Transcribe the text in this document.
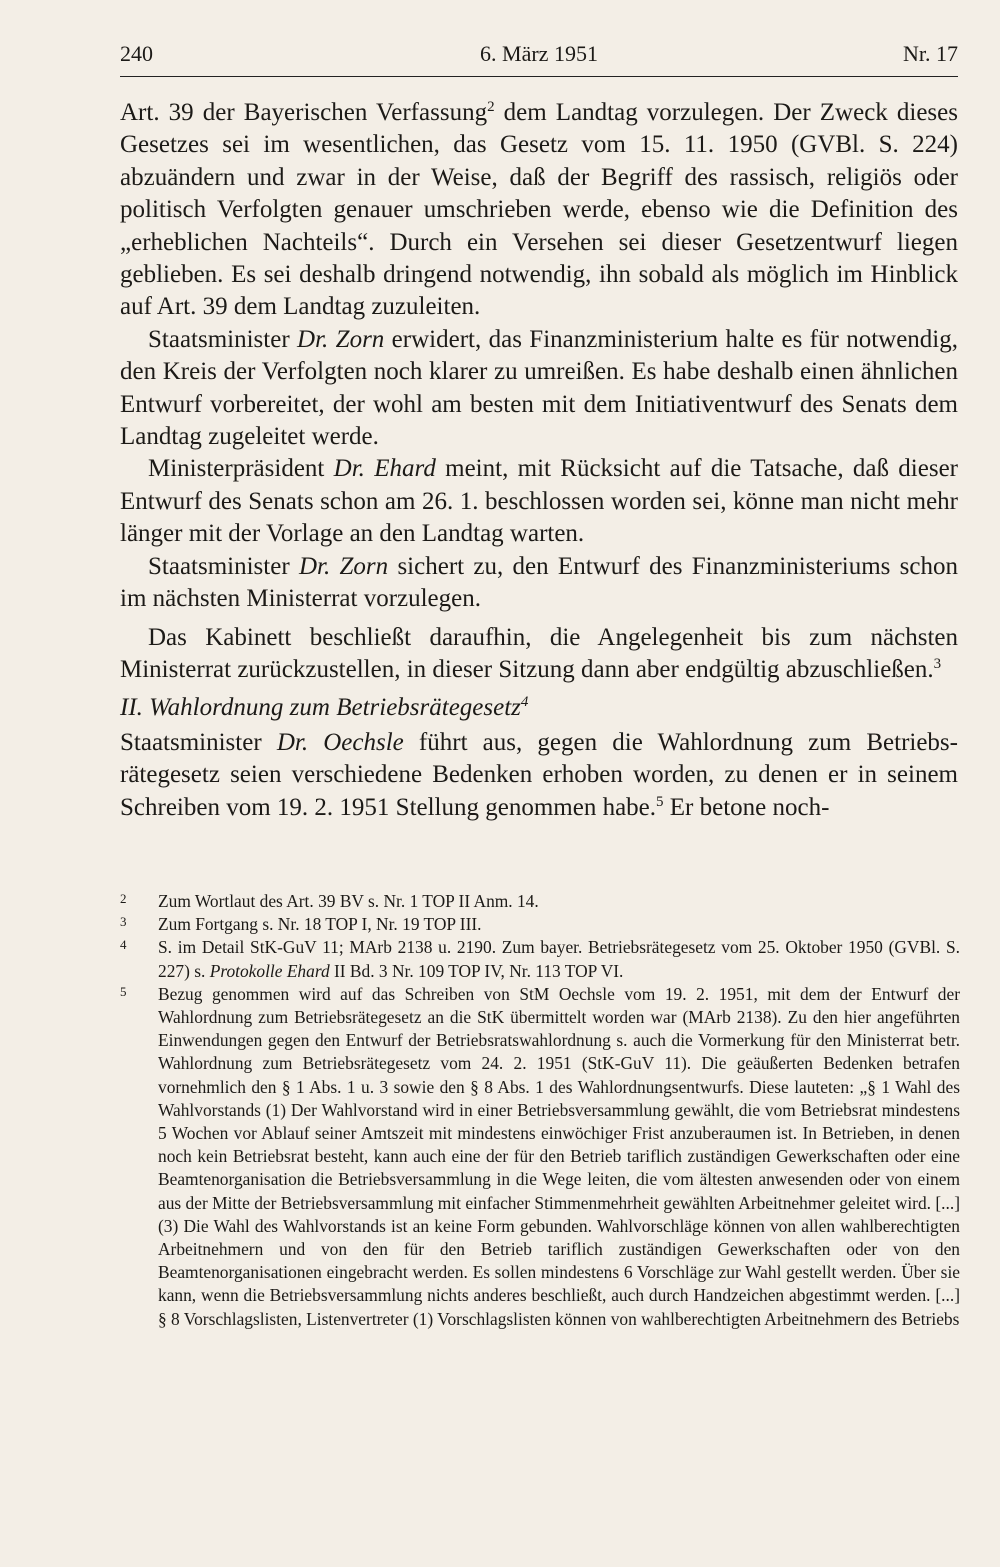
240	6. März 1951	Nr. 17

Art. 39 der Bayerischen Verfassung$^2$ dem Landtag vorzulegen. Der Zweck dieses Gesetzes sei im wesentlichen, das Gesetz vom 15. 11. 1950 (GVBl. S. 224) abzuändern und zwar in der Weise, daß der Begriff des rassisch, religiös oder politisch Verfolgten genauer umschrieben werde, ebenso wie die Definition des „erheblichen Nachteils“. Durch ein Versehen sei dieser Gesetzentwurf liegen geblieben. Es sei deshalb dringend notwendig, ihn sobald als möglich im Hinblick auf Art. 39 dem Landtag zuzuleiten.

Staatsminister Dr. Zorn erwidert, das Finanzministerium halte es für notwendig, den Kreis der Verfolgten noch klarer zu umreißen. Es habe deshalb einen ähnlichen Entwurf vorbereitet, der wohl am besten mit dem Initiativentwurf des Senats dem Landtag zugeleitet werde.

Ministerpräsident Dr. Ehard meint, mit Rücksicht auf die Tatsache, daß dieser Entwurf des Senats schon am 26. 1. beschlossen worden sei, könne man nicht mehr länger mit der Vorlage an den Landtag warten.

Staatsminister Dr. Zorn sichert zu, den Entwurf des Finanzministeriums schon im nächsten Ministerrat vorzulegen.

Das Kabinett beschließt daraufhin, die Angelegenheit bis zum nächsten Ministerrat zurückzustellen, in dieser Sitzung dann aber endgültig abzuschließen.$^3$

II. Wahlordnung zum Betriebsrätegesetz$^4$

Staatsminister Dr. Oechsle führt aus, gegen die Wahlordnung zum Betriebsrätegesetz seien verschiedene Bedenken erhoben worden, zu denen er in seinem Schreiben vom 19. 2. 1951 Stellung genommen habe.$^5$ Er betone noch-

2 Zum Wortlaut des Art. 39 BV s. Nr. 1 TOP II Anm. 14.
3 Zum Fortgang s. Nr. 18 TOP I, Nr. 19 TOP III.
4 S. im Detail StK-GuV 11; MArb 2138 u. 2190. Zum bayer. Betriebsrätegesetz vom 25. Oktober 1950 (GVBl. S. 227) s. Protokolle Ehard II Bd. 3 Nr. 109 TOP IV, Nr. 113 TOP VI.
5 Bezug genommen wird auf das Schreiben von StM Oechsle vom 19. 2. 1951, mit dem der Entwurf der Wahlordnung zum Betriebsrätegesetz an die StK übermittelt worden war (MArb 2138). Zu den hier angeführten Einwendungen gegen den Entwurf der Betriebsratswahlordnung s. auch die Vormerkung für den Ministerrat betr. Wahlordnung zum Betriebsrätegesetz vom 24. 2. 1951 (StK-GuV 11). Die geäußerten Bedenken betrafen vornehmlich den § 1 Abs. 1 u. 3 sowie den § 8 Abs. 1 des Wahlordnungsentwurfs. Diese lauteten: „§ 1 Wahl des Wahlvorstands (1) Der Wahlvorstand wird in einer Betriebsversammlung gewählt, die vom Betriebsrat mindestens 5 Wochen vor Ablauf seiner Amtszeit mit mindestens einwöchiger Frist anzuberaumen ist. In Betrieben, in denen noch kein Betriebsrat besteht, kann auch eine der für den Betrieb tariflich zuständigen Gewerkschaften oder eine Beamtenorganisation die Betriebsversammlung in die Wege leiten, die vom ältesten anwesenden oder von einem aus der Mitte der Betriebsversammlung mit einfacher Stimmenmehrheit gewählten Arbeitnehmer geleitet wird. [...] (3) Die Wahl des Wahlvorstands ist an keine Form gebunden. Wahlvorschläge können von allen wahlberechtigten Arbeitnehmern und von den für den Betrieb tariflich zuständigen Gewerkschaften oder von den Beamtenorganisationen eingebracht werden. Es sollen mindestens 6 Vorschläge zur Wahl gestellt werden. Über sie kann, wenn die Betriebsversammlung nichts anderes beschließt, auch durch Handzeichen abgestimmt werden. [...] § 8 Vorschlagslisten, Listenvertreter (1) Vorschlagslisten können von wahlberechtigten Arbeitnehmern des Betriebs
